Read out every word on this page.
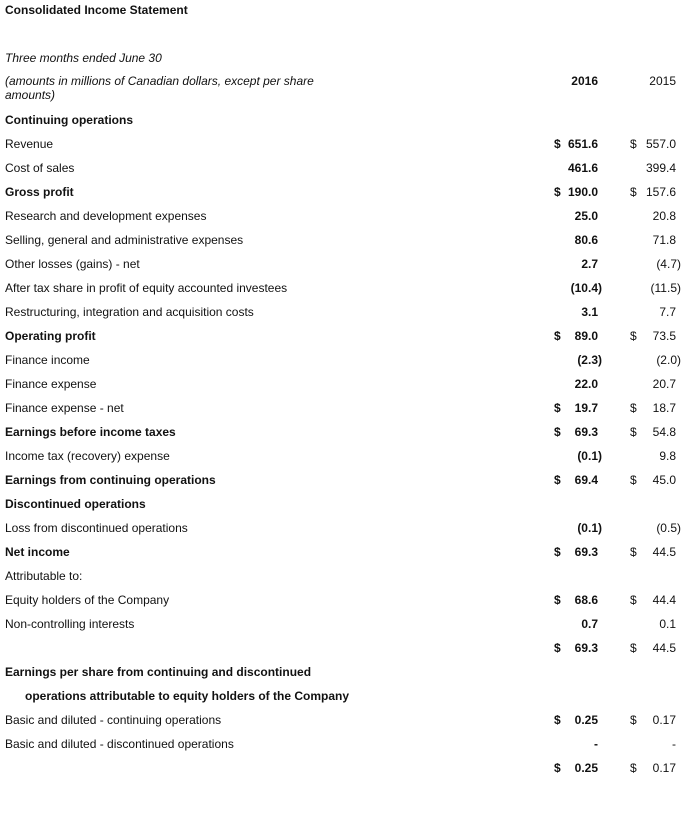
Consolidated Income Statement
Three months ended June 30
(amounts in millions of Canadian dollars, except per share amounts)
2016	2015
Continuing operations
Revenue	$ 651.6	$ 557.0
Cost of sales	461.6	399.4
Gross profit	$ 190.0	$ 157.6
Research and development expenses	25.0	20.8
Selling, general and administrative expenses	80.6	71.8
Other losses (gains) - net	2.7	(4.7)
After tax share in profit of equity accounted investees	(10.4)	(11.5)
Restructuring, integration and acquisition costs	3.1	7.7
Operating profit	$	89.0	$	73.5
Finance income	(2.3)	(2.0)
Finance expense	22.0	20.7
Finance expense - net	$	19.7	$	18.7
Earnings before income taxes	$	69.3	$	54.8
Income tax (recovery) expense	(0.1)	9.8
Earnings from continuing operations	$	69.4	$	45.0
Discontinued operations
Loss from discontinued operations	(0.1)	(0.5)
Net income	$	69.3	$	44.5
Attributable to:
Equity holders of the Company	$	68.6	$	44.4
Non-controlling interests	0.7	0.1
$	69.3	$	44.5
Earnings per share from continuing and discontinued
operations attributable to equity holders of the Company
Basic and diluted - continuing operations	$	0.25	$	0.17
Basic and diluted - discontinued operations	-	-
$	0.25	$	0.17
